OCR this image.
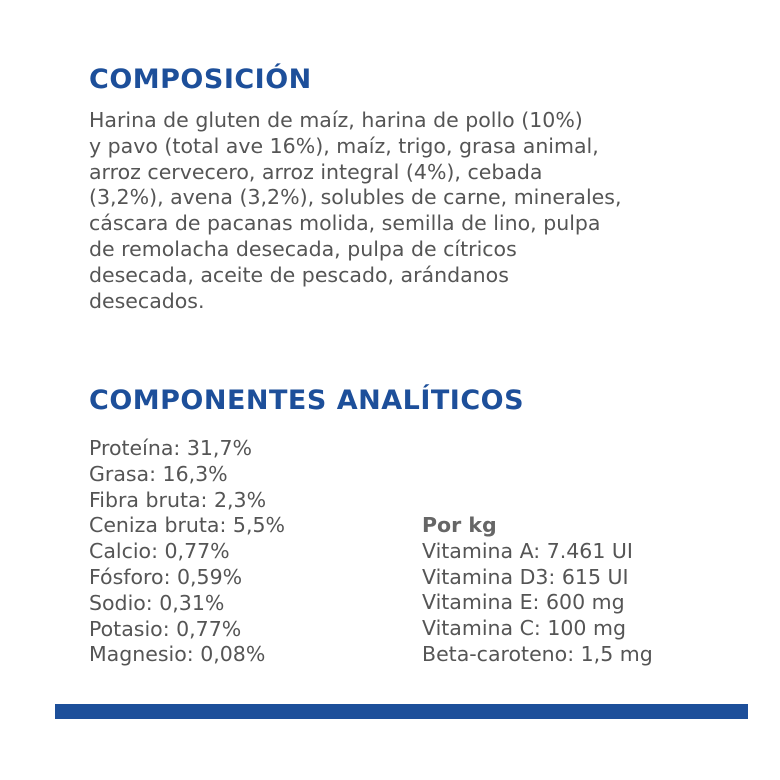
COMPOSICIÓN
Harina de gluten de maíz, harina de pollo (10%)
y pavo (total ave 16%), maíz, trigo, grasa animal,
arroz cervecero, arroz integral (4%), cebada
(3,2%), avena (3,2%), solubles de carne, minerales,
cáscara de pacanas molida, semilla de lino, pulpa
de remolacha desecada, pulpa de cítricos
desecada, aceite de pescado, arándanos
desecados.
COMPONENTES ANALÍTICOS
Proteína: 31,7%
Grasa: 16,3%
Fibra bruta: 2,3%
Ceniza bruta: 5,5%
Calcio: 0,77%
Fósforo: 0,59%
Sodio: 0,31%
Potasio: 0,77%
Magnesio: 0,08%
Por kg
Vitamina A: 7.461 UI
Vitamina D3: 615 UI
Vitamina E: 600 mg
Vitamina C: 100 mg
Beta-caroteno: 1,5 mg
